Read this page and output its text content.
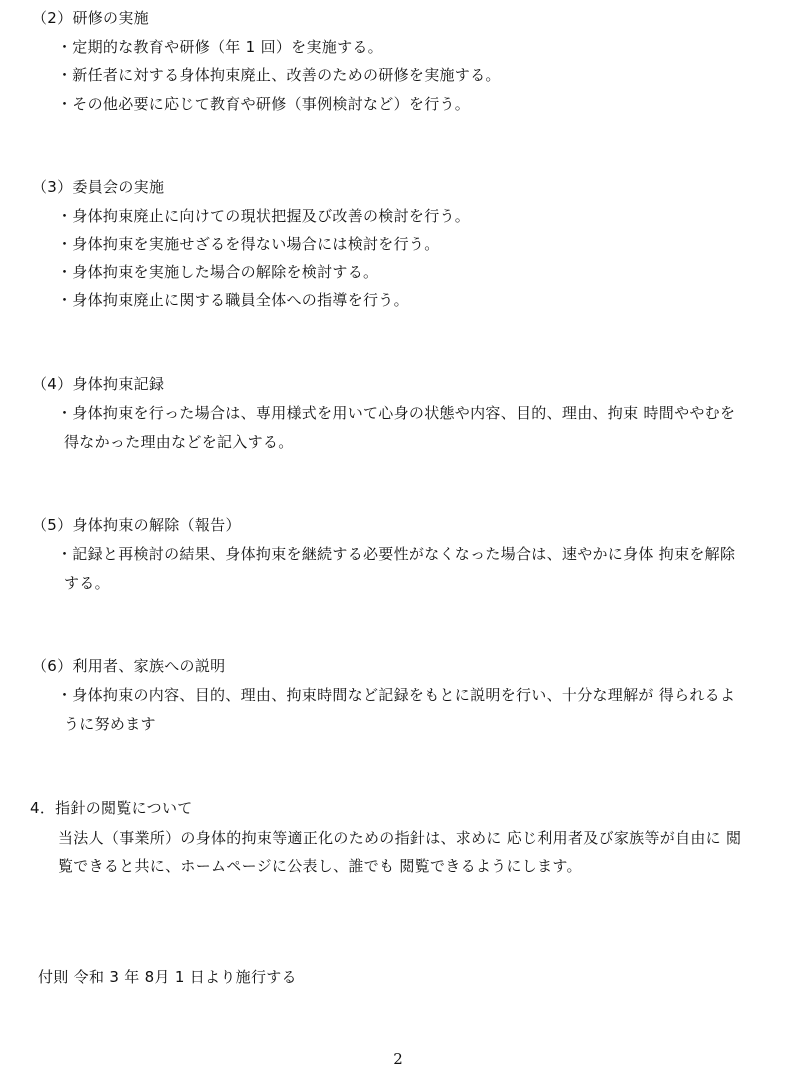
（2）研修の実施
・定期的な教育や研修（年 1 回）を実施する。
・新任者に対する身体拘束廃止、改善のための研修を実施する。
・その他必要に応じて教育や研修（事例検討など）を行う。
（3）委員会の実施
・身体拘束廃止に向けての現状把握及び改善の検討を行う。
・身体拘束を実施せざるを得ない場合には検討を行う。
・身体拘束を実施した場合の解除を検討する。
・身体拘束廃止に関する職員全体への指導を行う。
（4）身体拘束記録
・身体拘束を行った場合は、専用様式を用いて心身の状態や内容、目的、理由、拘束 時間ややむを
得なかった理由などを記入する。
（5）身体拘束の解除（報告）
・記録と再検討の結果、身体拘束を継続する必要性がなくなった場合は、速やかに身体 拘束を解除
する。
（6）利用者、家族への説明
・身体拘束の内容、目的、理由、拘束時間など記録をもとに説明を行い、十分な理解が 得られるよ
うに努めます
4．指針の閲覧について
当法人（事業所）の身体的拘束等適正化のための指針は、求めに 応じ利用者及び家族等が自由に 閲
覧できると共に、ホームページに公表し、誰でも 閲覧できるようにします。
付則 令和 3 年 8月 1 日より施行する
2
